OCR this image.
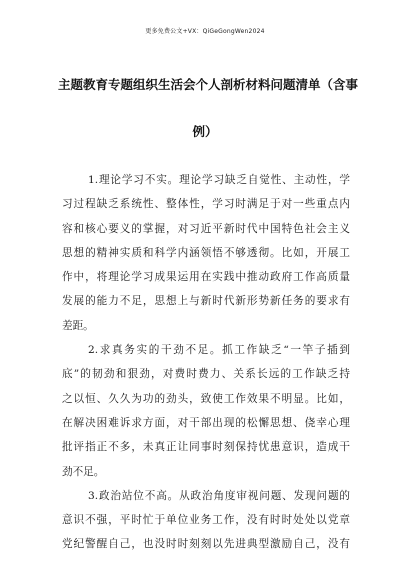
更多免费公文+VX：QiGeGongWen2024
主题教育专题组织生活会个人剖析材料问题清单（含事
例）
1.理论学习不实。理论学习缺乏自觉性、主动性，学
习过程缺乏系统性、整体性，学习时满足于对一些重点内
容和核心要义的掌握，对习近平新时代中国特色社会主义
思想的精神实质和科学内涵领悟不够透彻。比如，开展工
作中，将理论学习成果运用在实践中推动政府工作高质量
发展的能力不足，思想上与新时代新形势新任务的要求有
差距。
2.求真务实的干劲不足。抓工作缺乏“一竿子插到
底”的韧劲和狠劲，对费时费力、关系长远的工作缺乏持
之以恒、久久为功的劲头，致使工作效果不明显。比如，
在解决困难诉求方面，对干部出现的松懈思想、侥幸心理
批评指正不多，未真正让同事时刻保持忧患意识，造成干
劲不足。
3.政治站位不高。从政治角度审视问题、发现问题的
意识不强，平时忙于单位业务工作，没有时时处处以党章
党纪警醒自己，也没时时刻刻以先进典型激励自己，没有
